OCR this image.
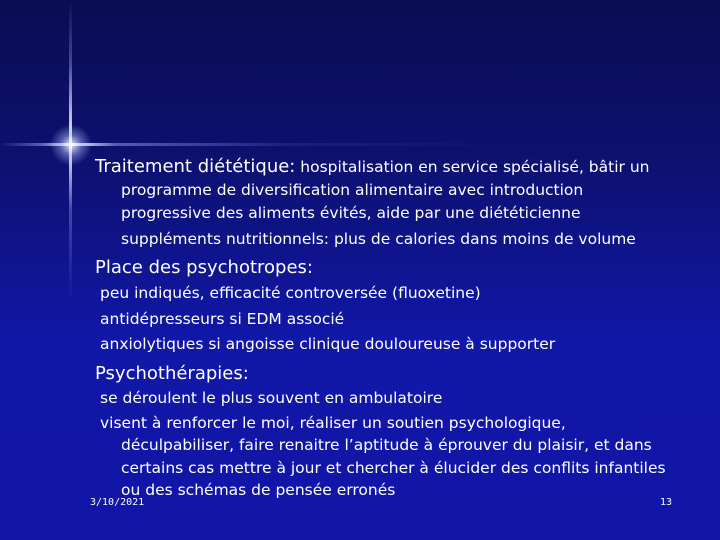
Traitement diététique: hospitalisation en service spécialisé, bâtir un
programme de diversification alimentaire avec introduction
progressive des aliments évités, aide par une diététicienne
suppléments nutritionnels: plus de calories dans moins de volume
Place des psychotropes:
peu indiqués, efficacité controversée (fluoxetine)
antidépresseurs si EDM associé
anxiolytiques si angoisse clinique douloureuse à supporter
Psychothérapies:
se déroulent le plus souvent en ambulatoire
visent à renforcer le moi, réaliser un soutien psychologique,
déculpabiliser, faire renaitre l’aptitude à éprouver du plaisir, et dans
certains cas mettre à jour et chercher à élucider des conflits infantiles
ou des schémas de pensée erronés
3/10/2021	13
